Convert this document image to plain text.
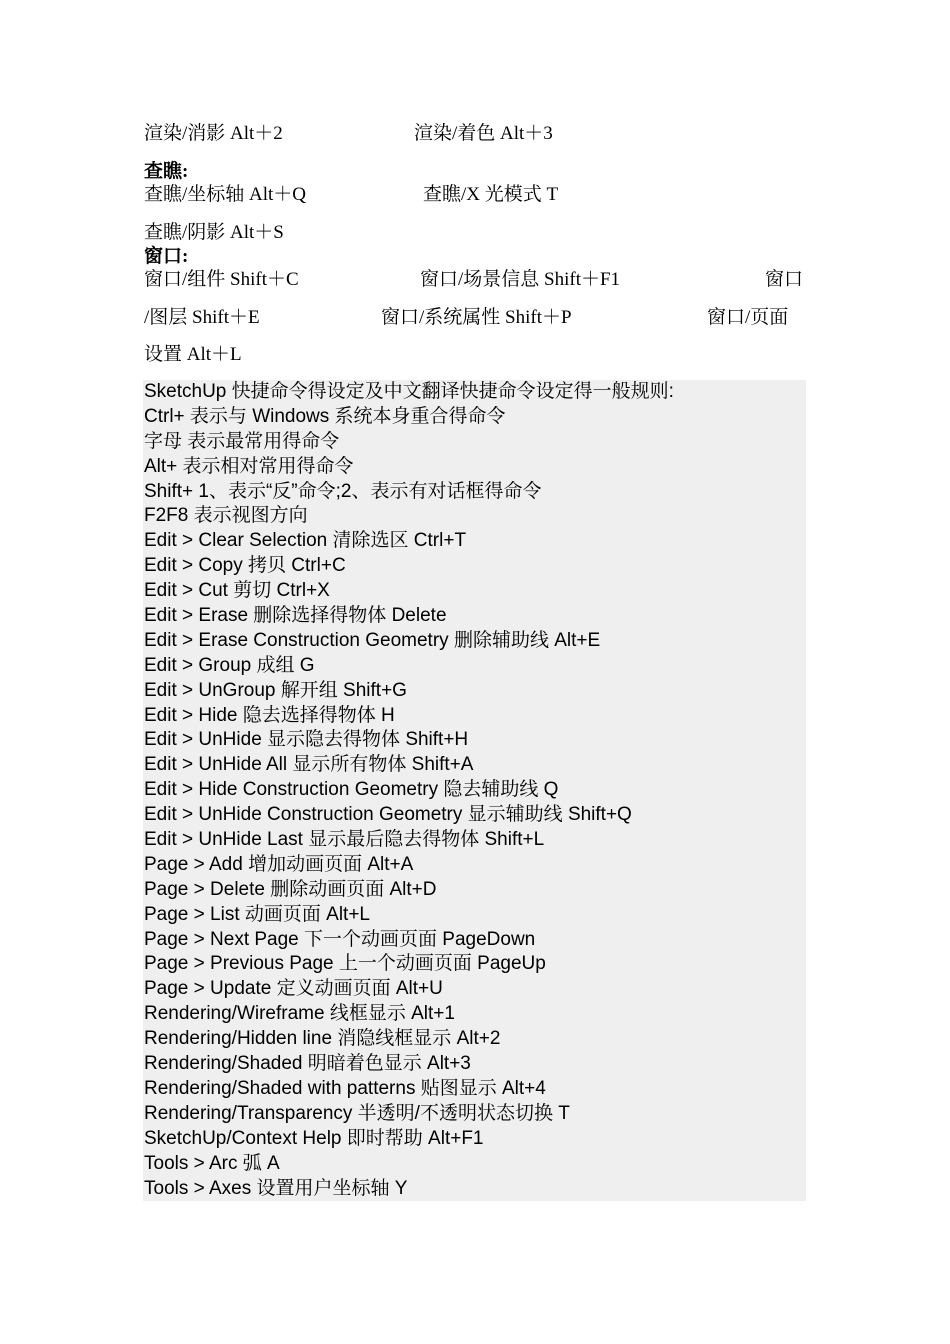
渲染/消影 Alt＋2	渲染/着色 Alt＋3
查瞧:
查瞧/坐标轴 Alt＋Q	查瞧/X 光模式 T
查瞧/阴影 Alt＋S
窗口:
窗口/组件 Shift＋C	窗口/场景信息 Shift＋F1	窗口
/图层 Shift＋E	窗口/系统属性 Shift＋P	窗口/页面
设置 Alt＋L
SketchUp 快捷命令得设定及中文翻译快捷命令设定得一般规则:
Ctrl+ 表示与 Windows 系统本身重合得命令
字母 表示最常用得命令
Alt+ 表示相对常用得命令
Shift+ 1、表示“反”命令;2、表示有对话框得命令
F2F8 表示视图方向
Edit > Clear Selection 清除选区 Ctrl+T
Edit > Copy 拷贝 Ctrl+C
Edit > Cut 剪切 Ctrl+X
Edit > Erase 删除选择得物体 Delete
Edit > Erase Construction Geometry 删除辅助线 Alt+E
Edit > Group 成组 G
Edit > UnGroup 解开组 Shift+G
Edit > Hide 隐去选择得物体 H
Edit > UnHide 显示隐去得物体 Shift+H
Edit > UnHide All 显示所有物体 Shift+A
Edit > Hide Construction Geometry 隐去辅助线 Q
Edit > UnHide Construction Geometry 显示辅助线 Shift+Q
Edit > UnHide Last 显示最后隐去得物体 Shift+L
Page > Add 增加动画页面 Alt+A
Page > Delete 删除动画页面 Alt+D
Page > List 动画页面 Alt+L
Page > Next Page 下一个动画页面 PageDown
Page > Previous Page 上一个动画页面 PageUp
Page > Update 定义动画页面 Alt+U
Rendering/Wireframe 线框显示 Alt+1
Rendering/Hidden line 消隐线框显示 Alt+2
Rendering/Shaded 明暗着色显示 Alt+3
Rendering/Shaded with patterns 贴图显示 Alt+4
Rendering/Transparency 半透明/不透明状态切换 T
SketchUp/Context Help 即时帮助 Alt+F1
Tools > Arc 弧 A
Tools > Axes 设置用户坐标轴 Y
